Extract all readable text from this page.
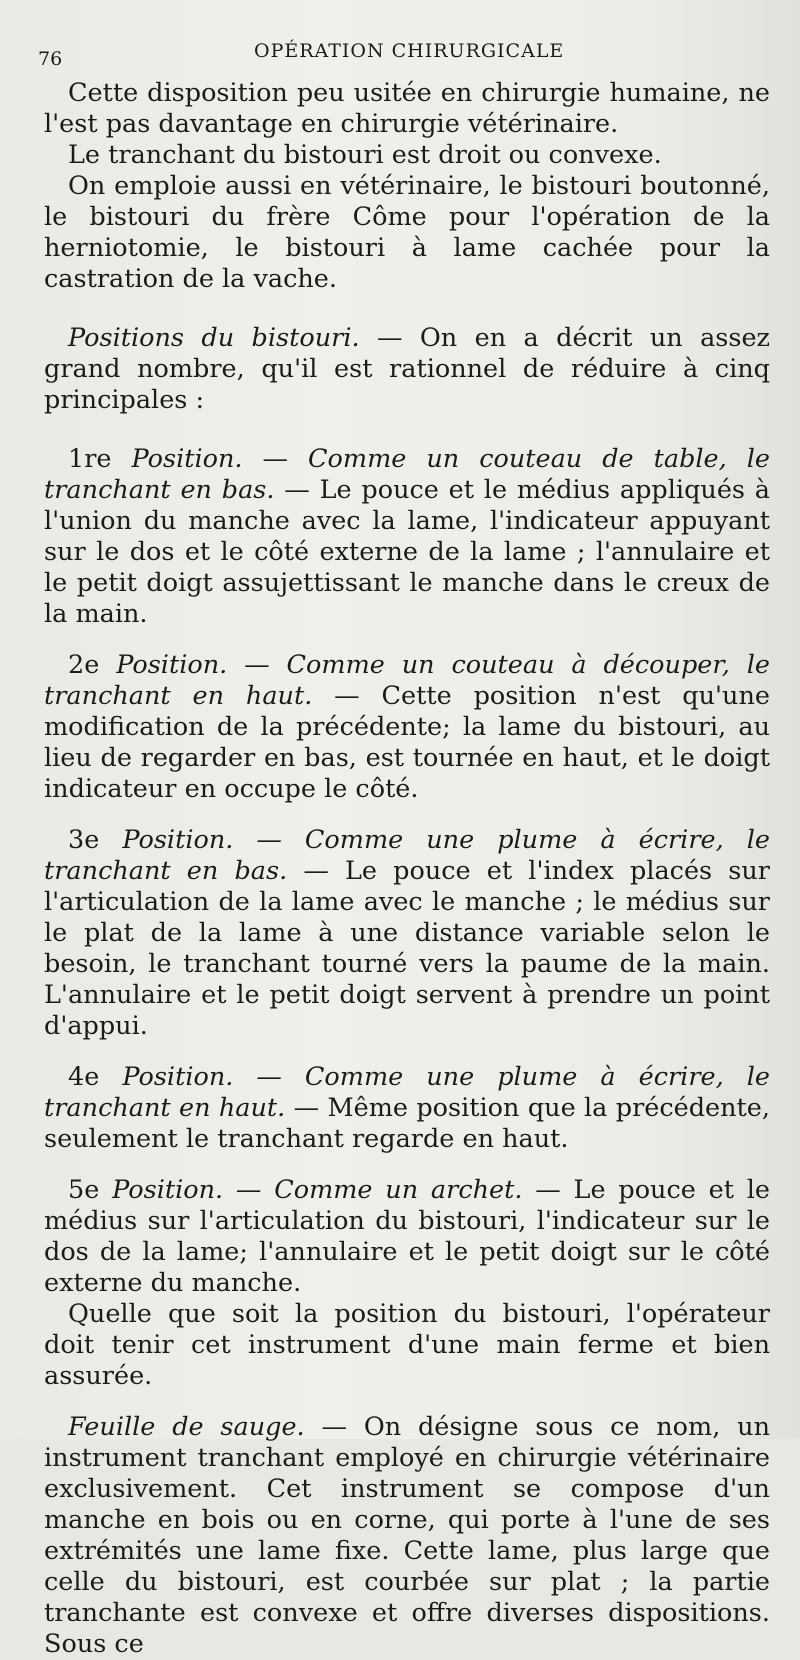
76	OPÉRATION CHIRURGICALE

Cette disposition peu usitée en chirurgie humaine, ne l'est pas davantage en chirurgie vétérinaire.

Le tranchant du bistouri est droit ou convexe.

On emploie aussi en vétérinaire, le bistouri boutonné, le bistouri du frère Côme pour l'opération de la herniotomie, le bistouri à lame cachée pour la castration de la vache.

Positions du bistouri. — On en a décrit un assez grand nombre, qu'il est rationnel de réduire à cinq principales :

1re Position. — Comme un couteau de table, le tranchant en bas. — Le pouce et le médius appliqués à l'union du manche avec la lame, l'indicateur appuyant sur le dos et le côté externe de la lame ; l'annulaire et le petit doigt assujettissant le manche dans le creux de la main.

2e Position. — Comme un couteau à découper, le tranchant en haut. — Cette position n'est qu'une modification de la précédente; la lame du bistouri, au lieu de regarder en bas, est tournée en haut, et le doigt indicateur en occupe le côté.

3e Position. — Comme une plume à écrire, le tranchant en bas. — Le pouce et l'index placés sur l'articulation de la lame avec le manche ; le médius sur le plat de la lame à une distance variable selon le besoin, le tranchant tourné vers la paume de la main. L'annulaire et le petit doigt servent à prendre un point d'appui.

4e Position. — Comme une plume à écrire, le tranchant en haut. — Même position que la précédente, seulement le tranchant regarde en haut.

5e Position. — Comme un archet. — Le pouce et le médius sur l'articulation du bistouri, l'indicateur sur le dos de la lame; l'annulaire et le petit doigt sur le côté externe du manche.

Quelle que soit la position du bistouri, l'opérateur doit tenir cet instrument d'une main ferme et bien assurée.

Feuille de sauge. — On désigne sous ce nom, un instrument tranchant employé en chirurgie vétérinaire exclusivement. Cet instrument se compose d'un manche en bois ou en corne, qui porte à l'une de ses extrémités une lame fixe. Cette lame, plus large que celle du bistouri, est courbée sur plat ; la partie tranchante est convexe et offre diverses dispositions. Sous ce
